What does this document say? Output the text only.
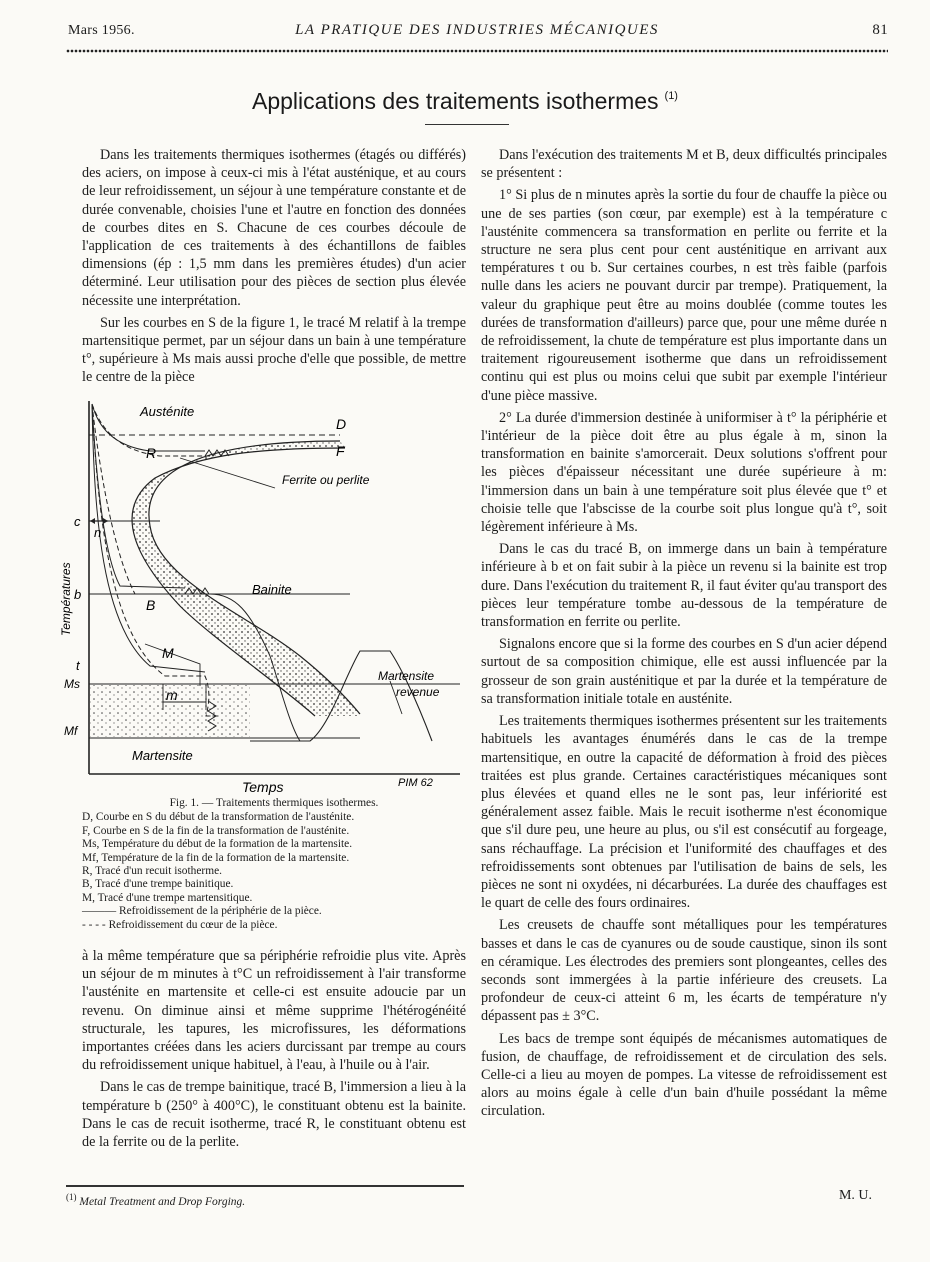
Mars 1956.	LA PRATIQUE DES INDUSTRIES MÉCANIQUES	81
Applications des traitements isothermes $^{(1)}$

Dans les traitements thermiques isothermes (étagés ou différés) des aciers, on impose à ceux-ci mis à l'état austénique, et au cours de leur refroidissement, un séjour à une température constante et de durée convenable, choisies l'une et l'autre en fonction des données de courbes dites en S. Chacune de ces courbes découle de l'application de ces traitements à des échantillons de faibles dimensions (ép : 1,5 mm dans les premières études) d'un acier déterminé. Leur utilisation pour des pièces de section plus élevée nécessite une interprétation.

Sur les courbes en S de la figure 1, le tracé M relatif à la trempe martensitique permet, par un séjour dans un bain à une température t°, supérieure à Ms mais aussi proche d'elle que possible, de mettre le centre de la pièce

Austénite
D
F
R
Ferrite ou perlite
c
n
b
B
Bainite
M
t
Ms
m
Mf
Martensite
Martensite
revenue
Températures
Temps	PIM 62
Fig. 1. — Traitements thermiques isothermes.
D, Courbe en S du début de la transformation de l'austénite.
F, Courbe en S de la fin de la transformation de l'austénite.
Ms, Température du début de la formation de la martensite.
Mf, Température de la fin de la formation de la martensite.
R, Tracé d'un recuit isotherme.
B, Tracé d'une trempe bainitique.
M, Tracé d'une trempe martensitique.
——— Refroidissement de la périphérie de la pièce.
- - - - Refroidissement du cœur de la pièce.

à la même température que sa périphérie refroidie plus vite. Après un séjour de m minutes à t°C un refroidissement à l'air transforme l'austénite en martensite et celle-ci est ensuite adoucie par un revenu. On diminue ainsi et même supprime l'hétérogénéité structurale, les tapures, les microfissures, les déformations importantes créées dans les aciers durcissant par trempe au cours du refroidissement unique habituel, à l'eau, à l'huile ou à l'air.

Dans le cas de trempe bainitique, tracé B, l'immersion a lieu à la température b (250° à 400°C), le constituant obtenu est la bainite. Dans le cas de recuit isotherme, tracé R, le constituant obtenu est de la ferrite ou de la perlite.

Dans l'exécution des traitements M et B, deux difficultés principales se présentent :

1° Si plus de n minutes après la sortie du four de chauffe la pièce ou une de ses parties (son cœur, par exemple) est à la température c l'austénite commencera sa transformation en perlite ou ferrite et la structure ne sera plus cent pour cent austénitique en arrivant aux températures t ou b. Sur certaines courbes, n est très faible (parfois nulle dans les aciers ne pouvant durcir par trempe). Pratiquement, la valeur du graphique peut être au moins doublée (comme toutes les durées de transformation d'ailleurs) parce que, pour une même durée n de refroidissement, la chute de température est plus importante dans un traitement rigoureusement isotherme que dans un refroidissement continu qui est plus ou moins celui que subit par exemple l'intérieur d'une pièce massive.

2° La durée d'immersion destinée à uniformiser à t° la périphérie et l'intérieur de la pièce doit être au plus égale à m, sinon la transformation en bainite s'amorcerait. Deux solutions s'offrent pour les pièces d'épaisseur nécessitant une durée supérieure à m: l'immersion dans un bain à une température soit plus élevée que t° et choisie telle que l'abscisse de la courbe soit plus longue qu'à t°, soit légèrement inférieure à Ms.

Dans le cas du tracé B, on immerge dans un bain à température inférieure à b et on fait subir à la pièce un revenu si la bainite est trop dure. Dans l'exécution du traitement R, il faut éviter qu'au transport des pièces leur température tombe au-dessous de la température de transformation en ferrite ou perlite.

Signalons encore que si la forme des courbes en S d'un acier dépend surtout de sa composition chimique, elle est aussi influencée par la grosseur de son grain austénitique et par la durée et la température de sa transformation initiale totale en austénite.

Les traitements thermiques isothermes présentent sur les traitements habituels les avantages énumérés dans le cas de la trempe martensitique, en outre la capacité de déformation à froid des pièces traitées est plus grande. Certaines caractéristiques mécaniques sont plus élevées et quand elles ne le sont pas, leur infériorité est généralement assez faible. Mais le recuit isotherme n'est économique que s'il dure peu, une heure au plus, ou s'il est consécutif au forgeage, sans réchauffage. La précision et l'uniformité des chauffages et des refroidissements sont obtenues par l'utilisation de bains de sels, les pièces ne sont ni oxydées, ni décarburées. La durée des chauffages est le quart de celle des fours ordinaires.

Les creusets de chauffe sont métalliques pour les températures basses et dans le cas de cyanures ou de soude caustique, sinon ils sont en céramique. Les électrodes des premiers sont plongeantes, celles des seconds sont immergées à la partie inférieure des creusets. La profondeur de ceux-ci atteint 6 m, les écarts de température n'y dépassent pas ± 3°C.

Les bacs de trempe sont équipés de mécanismes automatiques de fusion, de chauffage, de refroidissement et de circulation des sels. Celle-ci a lieu au moyen de pompes. La vitesse de refroidissement est alors au moins égale à celle d'un bain d'huile possédant la même circulation.

$^{(1)}$ Metal Treatment and Drop Forging.	M. U.
